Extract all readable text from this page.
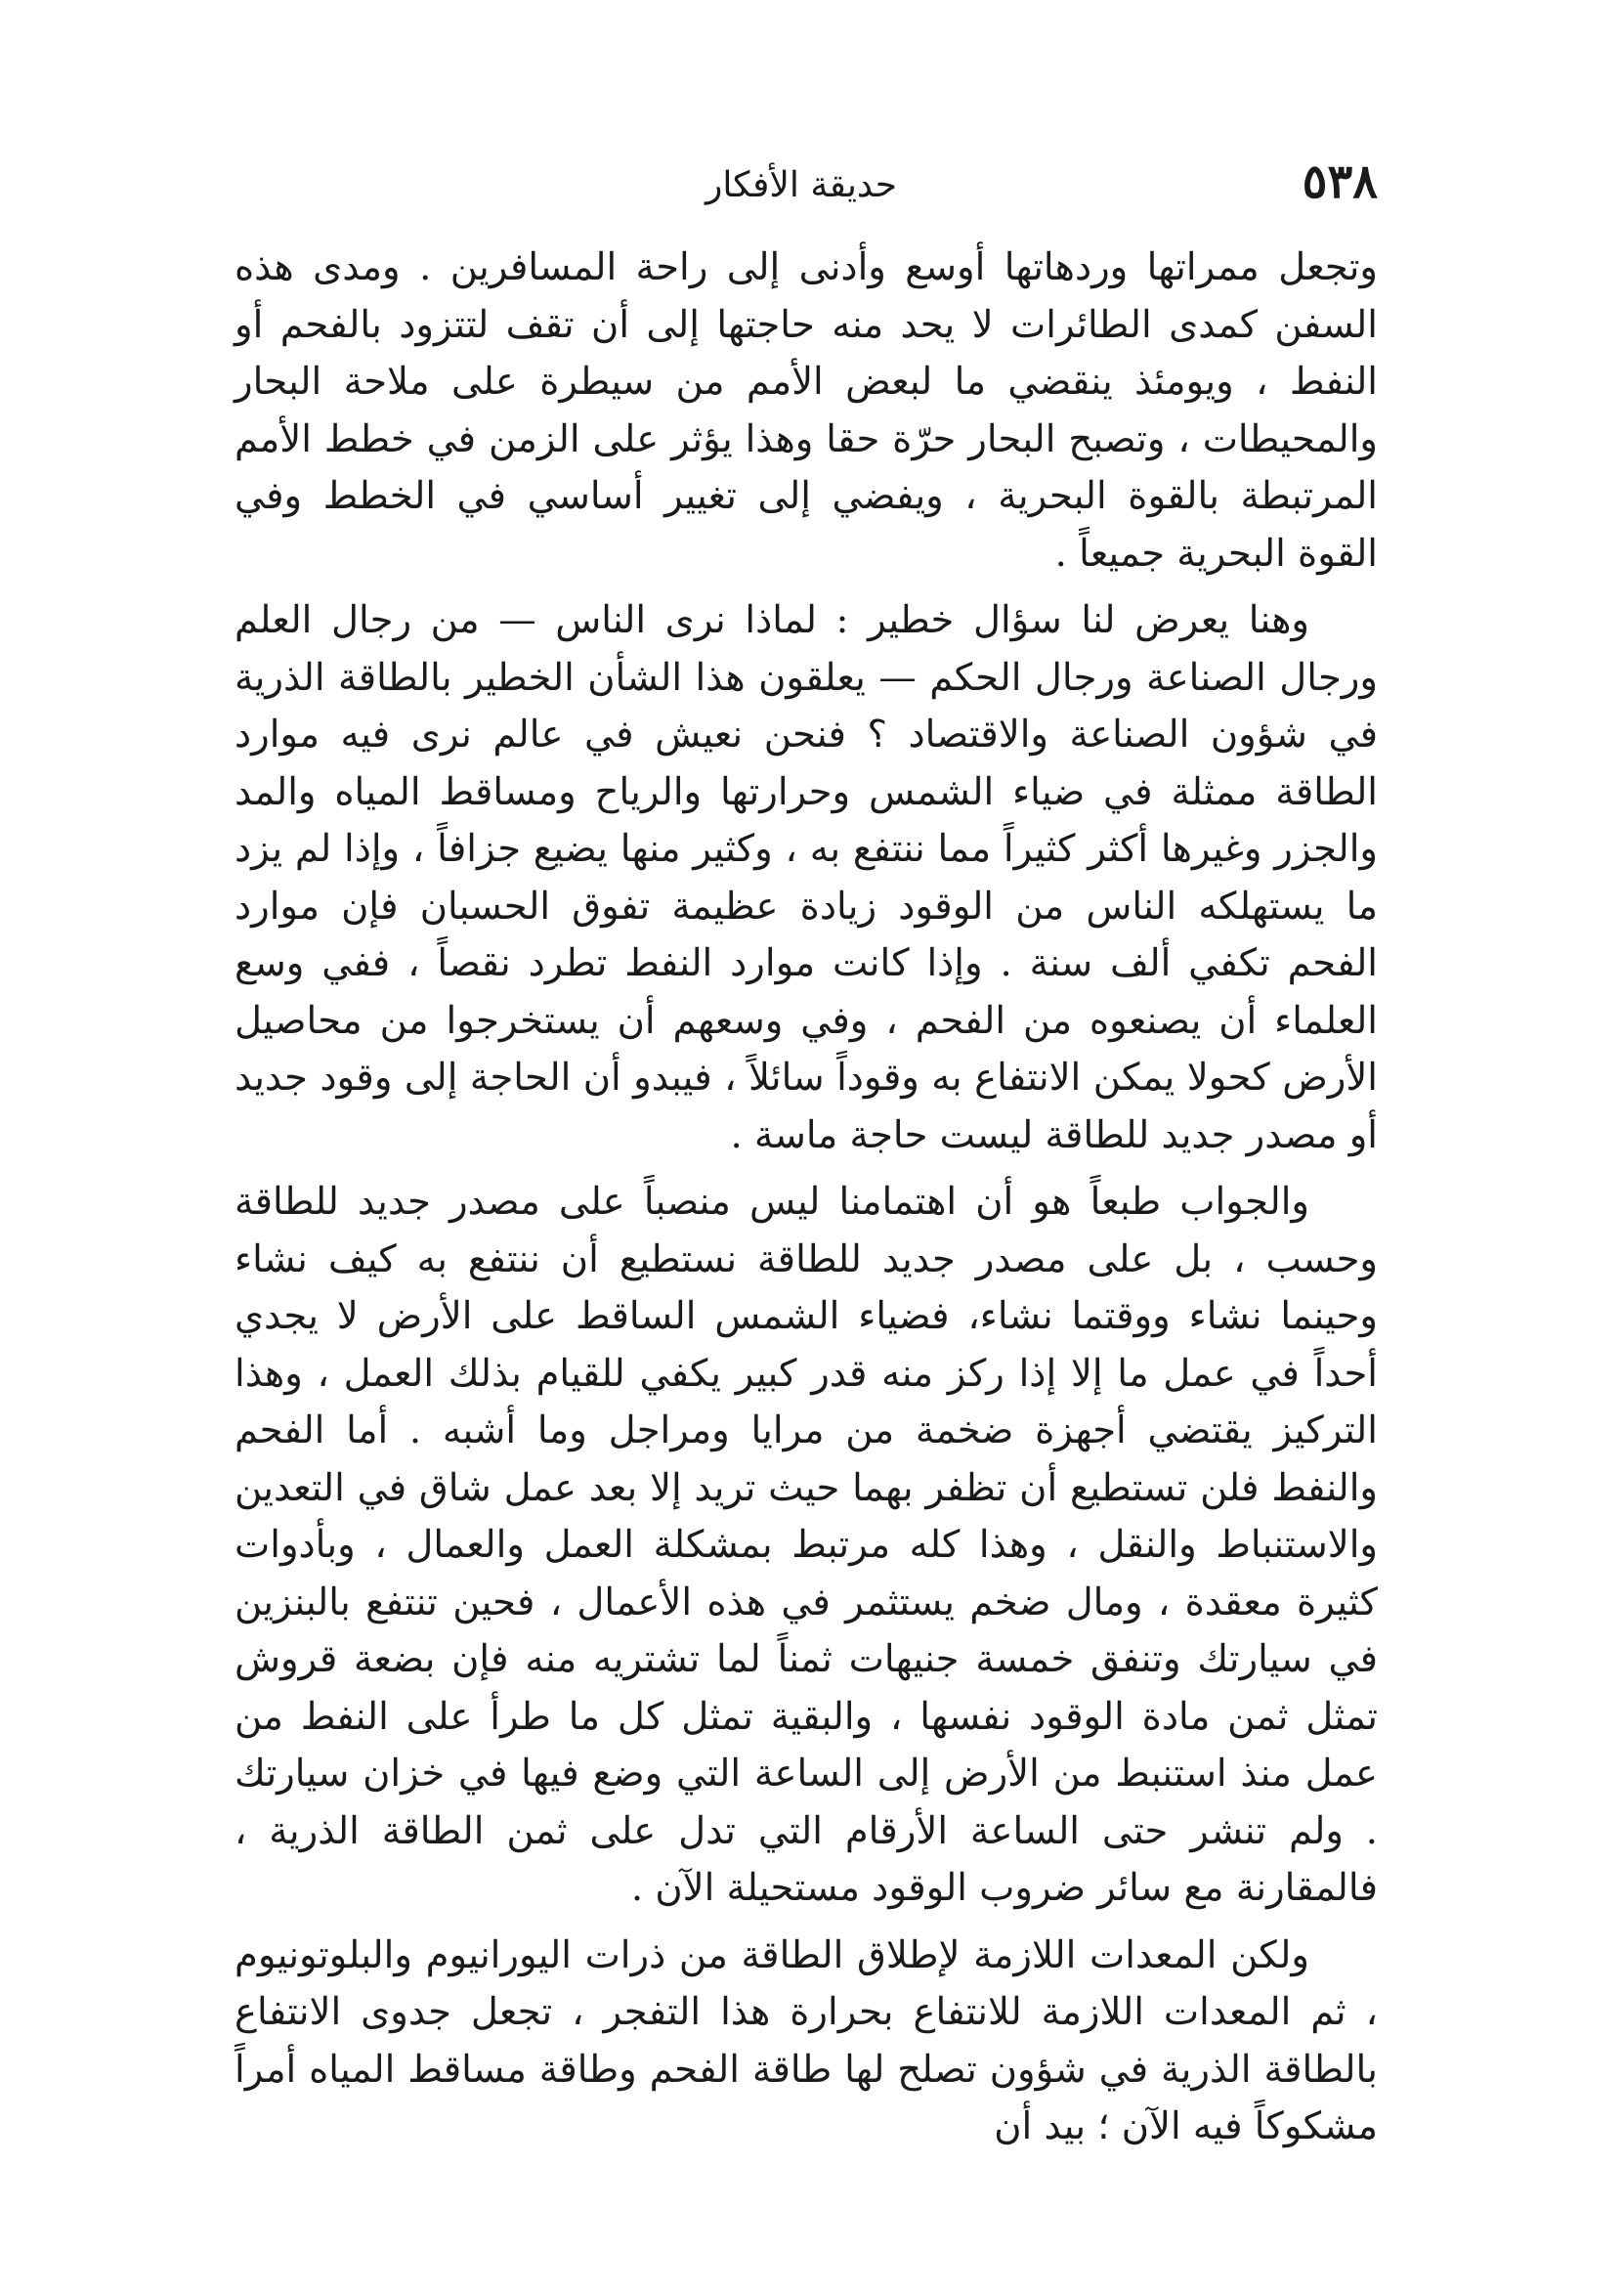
٥٣٨
حديقة الأفكار

وتجعل ممراتها وردهاتها أوسع وأدنى إلى راحة المسافرين . ومدى هذه السفن كمدى الطائرات لا يحد منه حاجتها إلى أن تقف لتتزود بالفحم أو النفط ، ويومئذ ينقضي ما لبعض الأمم من سيطرة على ملاحة البحار والمحيطات ، وتصبح البحار حرّة حقا وهذا يؤثر على الزمن في خطط الأمم المرتبطة بالقوة البحرية ، ويفضي إلى تغيير أساسي في الخطط وفي القوة البحرية جميعاً .

وهنا يعرض لنا سؤال خطير : لماذا نرى الناس — من رجال العلم ورجال الصناعة ورجال الحكم — يعلقون هذا الشأن الخطير بالطاقة الذرية في شؤون الصناعة والاقتصاد ؟ فنحن نعيش في عالم نرى فيه موارد الطاقة ممثلة في ضياء الشمس وحرارتها والرياح ومساقط المياه والمد والجزر وغيرها أكثر كثيراً مما ننتفع به ، وكثير منها يضيع جزافاً ، وإذا لم يزد ما يستهلكه الناس من الوقود زيادة عظيمة تفوق الحسبان فإن موارد الفحم تكفي ألف سنة . وإذا كانت موارد النفط تطرد نقصاً ، ففي وسع العلماء أن يصنعوه من الفحم ، وفي وسعهم أن يستخرجوا من محاصيل الأرض كحولا يمكن الانتفاع به وقوداً سائلاً ، فيبدو أن الحاجة إلى وقود جديد أو مصدر جديد للطاقة ليست حاجة ماسة .

والجواب طبعاً هو أن اهتمامنا ليس منصباً على مصدر جديد للطاقة وحسب ، بل على مصدر جديد للطاقة نستطيع أن ننتفع به كيف نشاء وحينما نشاء ووقتما نشاء، فضياء الشمس الساقط على الأرض لا يجدي أحداً في عمل ما إلا إذا ركز منه قدر كبير يكفي للقيام بذلك العمل ، وهذا التركيز يقتضي أجهزة ضخمة من مرايا ومراجل وما أشبه . أما الفحم والنفط فلن تستطيع أن تظفر بهما حيث تريد إلا بعد عمل شاق في التعدين والاستنباط والنقل ، وهذا كله مرتبط بمشكلة العمل والعمال ، وبأدوات كثيرة معقدة ، ومال ضخم يستثمر في هذه الأعمال ، فحين تنتفع بالبنزين في سيارتك وتنفق خمسة جنيهات ثمناً لما تشتريه منه فإن بضعة قروش تمثل ثمن مادة الوقود نفسها ، والبقية تمثل كل ما طرأ على النفط من عمل منذ استنبط من الأرض إلى الساعة التي وضع فيها في خزان سيارتك . ولم تنشر حتى الساعة الأرقام التي تدل على ثمن الطاقة الذرية ، فالمقارنة مع سائر ضروب الوقود مستحيلة الآن .

ولكن المعدات اللازمة لإطلاق الطاقة من ذرات اليورانيوم والبلوتونيوم ، ثم المعدات اللازمة للانتفاع بحرارة هذا التفجر ، تجعل جدوى الانتفاع بالطاقة الذرية في شؤون تصلح لها طاقة الفحم وطاقة مساقط المياه أمراً مشكوكاً فيه الآن ؛ بيد أن
